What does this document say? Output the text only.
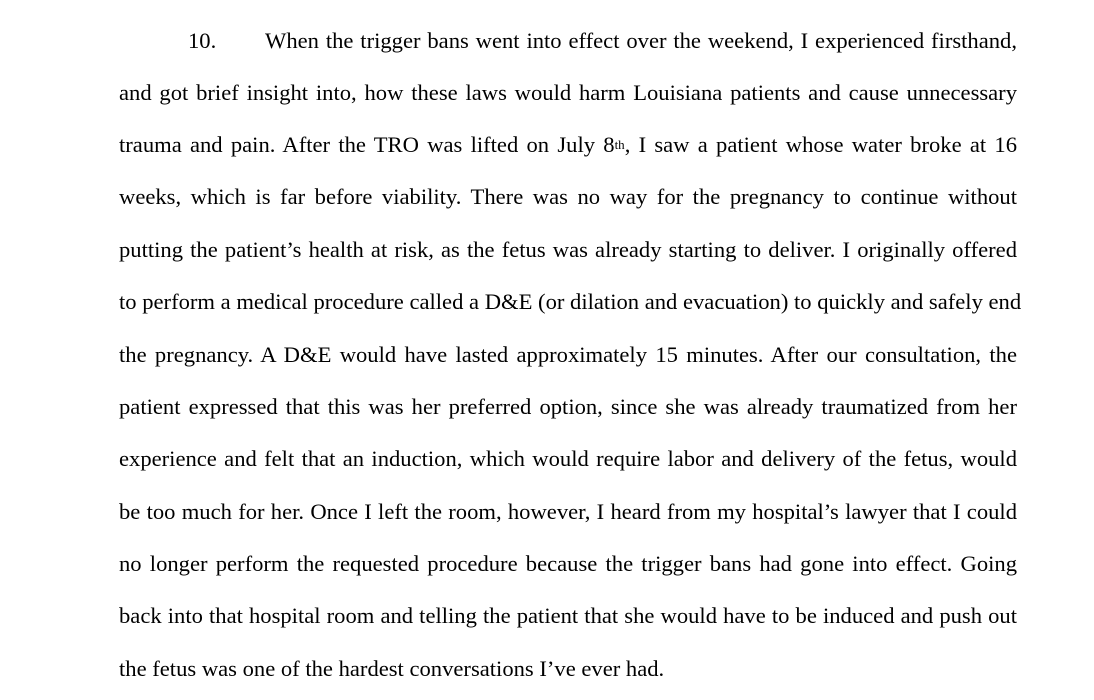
10. When the trigger bans went into effect over the weekend, I experienced firsthand,
and got brief insight into, how these laws would harm Louisiana patients and cause unnecessary
trauma and pain. After the TRO was lifted on July 8th, I saw a patient whose water broke at 16
weeks, which is far before viability. There was no way for the pregnancy to continue without
putting the patient’s health at risk, as the fetus was already starting to deliver. I originally offered
to perform a medical procedure called a D&E (or dilation and evacuation) to quickly and safely end
the pregnancy. A D&E would have lasted approximately 15 minutes. After our consultation, the
patient expressed that this was her preferred option, since she was already traumatized from her
experience and felt that an induction, which would require labor and delivery of the fetus, would
be too much for her. Once I left the room, however, I heard from my hospital’s lawyer that I could
no longer perform the requested procedure because the trigger bans had gone into effect. Going
back into that hospital room and telling the patient that she would have to be induced and push out
the fetus was one of the hardest conversations I’ve ever had.
